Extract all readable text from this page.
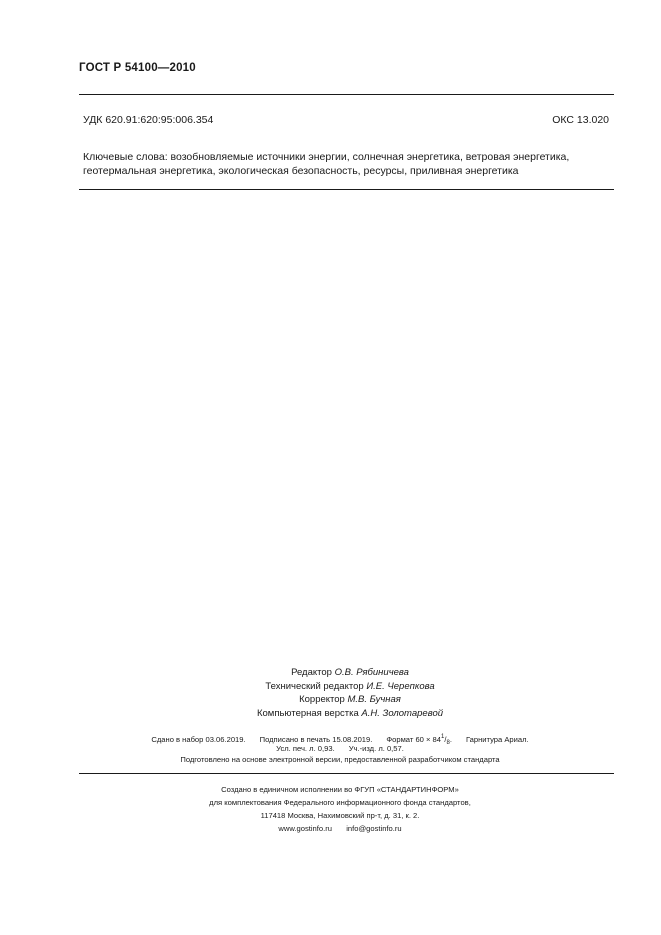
ГОСТ Р 54100—2010
УДК 620.91:620:95:006.354	ОКС 13.020
Ключевые слова: возобновляемые источники энергии, солнечная энергетика, ветровая энергетика, геотермальная энергетика, экологическая безопасность, ресурсы, приливная энергетика
Редактор О.В. Рябиничева
Технический редактор И.Е. Черепкова
Корректор М.В. Бучная
Компьютерная верстка А.Н. Золотаревой
Сдано в набор 03.06.2019. Подписано в печать 15.08.2019. Формат $60 \times 84^1/_8$. Гарнитура Ариал.
Усл. печ. л. 0,93. Уч.-изд. л. 0,57.
Подготовлено на основе электронной версии, предоставленной разработчиком стандарта
Создано в единичном исполнении во ФГУП «СТАНДАРТИНФОРМ»
для комплектования Федерального информационного фонда стандартов,
117418 Москва, Нахимовский пр-т, д. 31, к. 2.
www.gostinfo.ru info@gostinfo.ru
